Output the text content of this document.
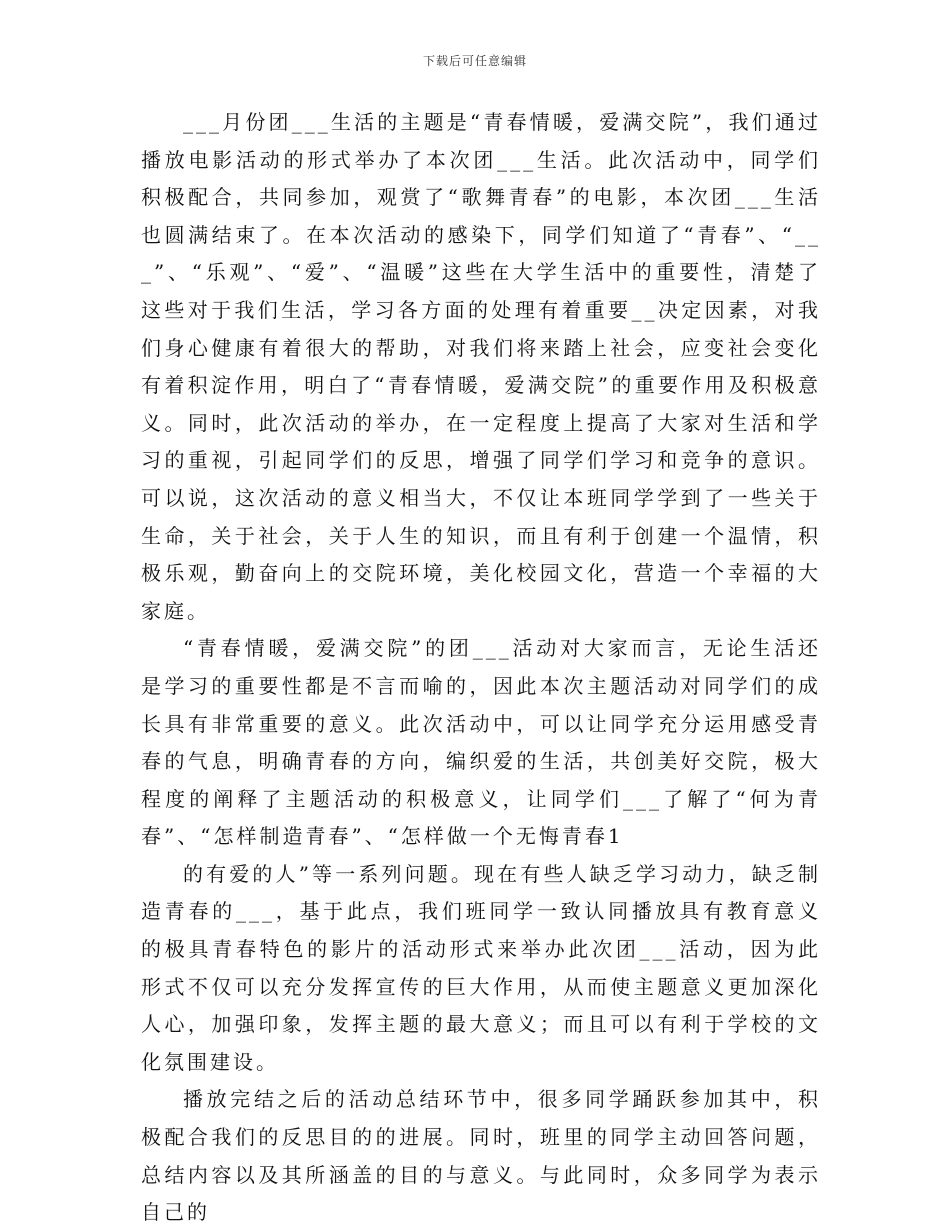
下载后可任意编辑

___月份团___生活的主题是“青春情暖，爱满交院”，我们通过播放电影活动的形式举办了本次团___生活。此次活动中，同学们积极配合，共同参加，观赏了“歌舞青春”的电影，本次团___生活也圆满结束了。在本次活动的感染下，同学们知道了“青春”、“___”、“乐观”、“爱”、“温暖”这些在大学生活中的重要性，清楚了这些对于我们生活，学习各方面的处理有着重要__决定因素，对我们身心健康有着很大的帮助，对我们将来踏上社会，应变社会变化有着积淀作用，明白了“青春情暖，爱满交院”的重要作用及积极意义。同时，此次活动的举办，在一定程度上提高了大家对生活和学习的重视，引起同学们的反思，增强了同学们学习和竞争的意识。可以说，这次活动的意义相当大，不仅让本班同学学到了一些关于生命，关于社会，关于人生的知识，而且有利于创建一个温情，积极乐观，勤奋向上的交院环境，美化校园文化，营造一个幸福的大家庭。

“青春情暖，爱满交院”的团___活动对大家而言，无论生活还是学习的重要性都是不言而喻的，因此本次主题活动对同学们的成长具有非常重要的意义。此次活动中，可以让同学充分运用感受青春的气息，明确青春的方向，编织爱的生活，共创美好交院，极大程度的阐释了主题活动的积极意义，让同学们___了解了“何为青春”、“怎样制造青春”、“怎样做一个无悔青春1

的有爱的人”等一系列问题。现在有些人缺乏学习动力，缺乏制造青春的___，基于此点，我们班同学一致认同播放具有教育意义的极具青春特色的影片的活动形式来举办此次团___活动，因为此形式不仅可以充分发挥宣传的巨大作用，从而使主题意义更加深化人心，加强印象，发挥主题的最大意义；而且可以有利于学校的文化氛围建设。

播放完结之后的活动总结环节中，很多同学踊跃参加其中，积极配合我们的反思目的的进展。同时，班里的同学主动回答问题，总结内容以及其所涵盖的目的与意义。与此同时，众多同学为表示自己的
